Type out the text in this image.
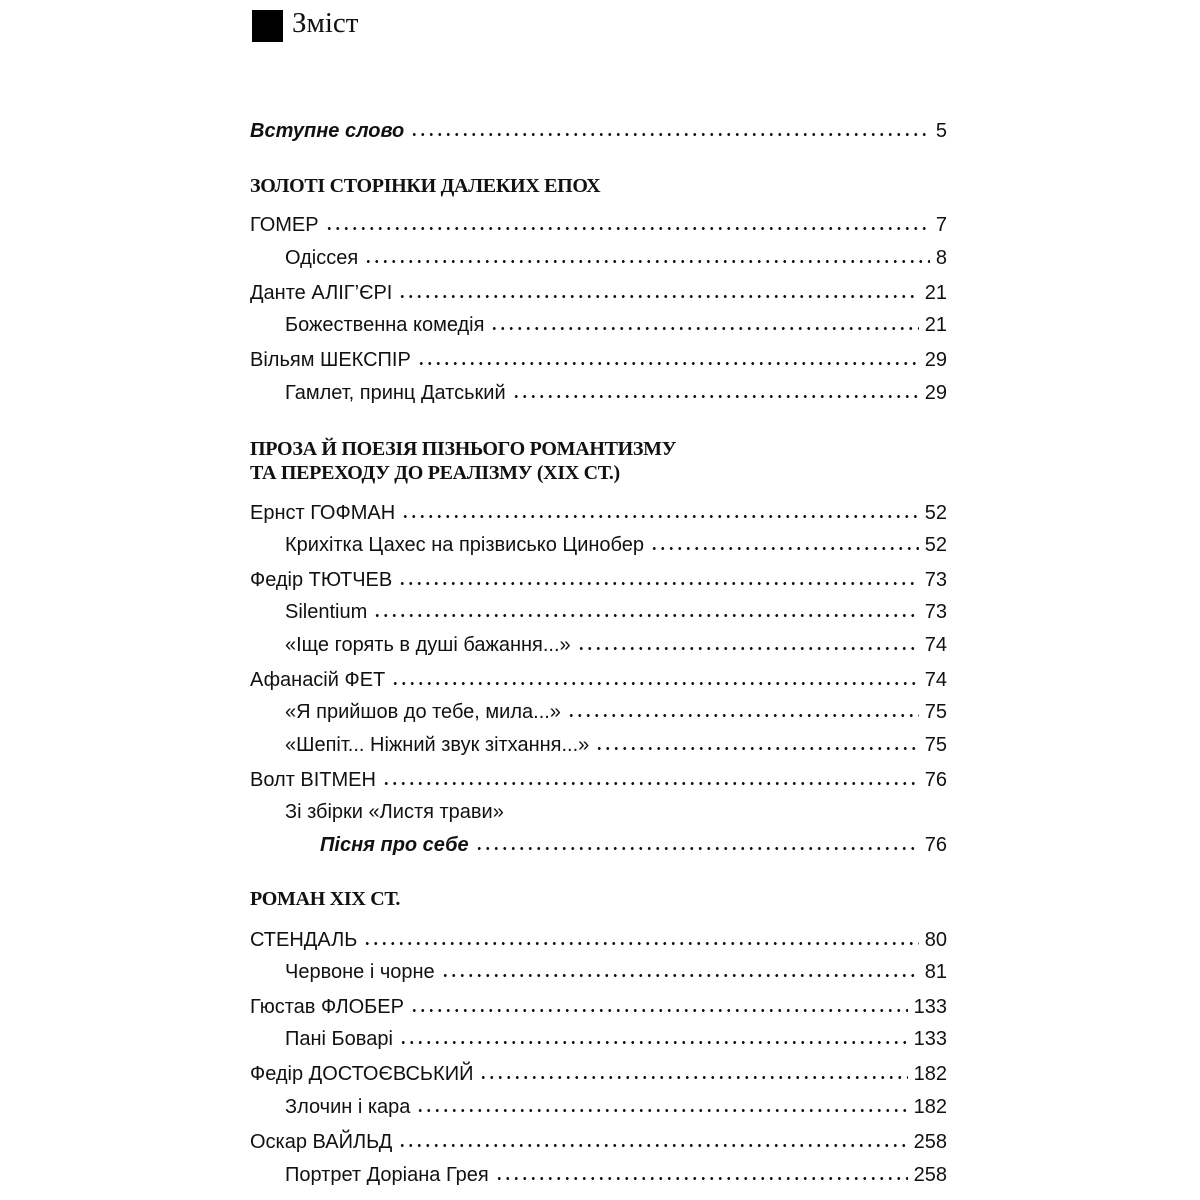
Зміст
Вступне слово	5
ЗОЛОТІ СТОРІНКИ ДАЛЕКИХ ЕПОХ
ГОМЕР	7
Одіссея	8
Данте АЛІГ’ЄРІ	21
Божественна комедія	21
Вільям ШЕКСПІР	29
Гамлет, принц Датський	29
ПРОЗА Й ПОЕЗІЯ ПІЗНЬОГО РОМАНТИЗМУ
ТА ПЕРЕХОДУ ДО РЕАЛІЗМУ (XIX СТ.)
Ернст ГОФМАН	52
Крихітка Цахес на прізвисько Цинобер	52
Федір ТЮТЧЕВ	73
Silentium	73
«Іще горять в душі бажання...»	74
Афанасій ФЕТ	74
«Я прийшов до тебе, мила...»	75
«Шепіт... Ніжний звук зітхання...»	75
Волт ВІТМЕН	76
Зі збірки «Листя трави»
Пісня про себе	76
РОМАН XIX СТ.
СТЕНДАЛЬ	80
Червоне і чорне	81
Гюстав ФЛОБЕР	133
Пані Боварі	133
Федір ДОСТОЄВСЬКИЙ	182
Злочин і кара	182
Оскар ВАЙЛЬД	258
Портрет Доріана Грея	258
